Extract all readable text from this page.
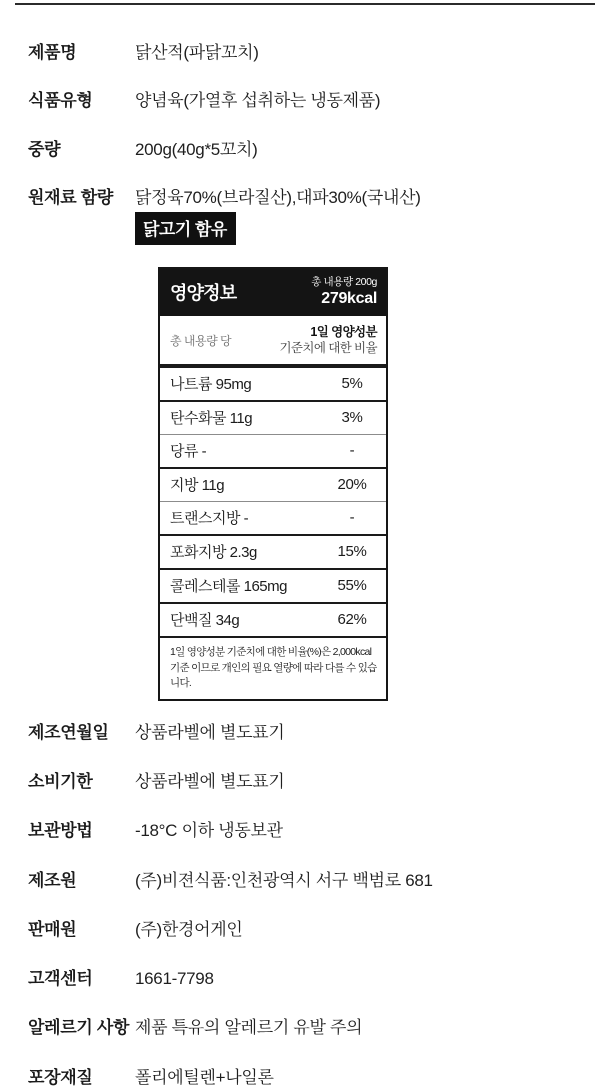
제품명	닭산적(파닭꼬치)
식품유형	양념육(가열후 섭취하는 냉동제품)
중량	200g(40g*5꼬치)
원재료 함량	닭정육70%(브라질산),대파30%(국내산)
닭고기 함유
영양정보
총 내용량 200g
279kcal
총 내용량 당
1일 영양성분
기준치에 대한 비율
나트륨 95mg	5%
탄수화물 11g	3%
당류 -	-
지방 11g	20%
트랜스지방 -	-
포화지방 2.3g	15%
콜레스테롤 165mg	55%
단백질 34g	62%
1일 영양성분 기준치에 대한 비율(%)은 2,000kcal
기준 이므로 개인의 필요 열량에 따라 다를 수 있습니다.
제조연월일	상품라벨에 별도표기
소비기한	상품라벨에 별도표기
보관방법	-18°C 이하 냉동보관
제조원	(주)비젼식품:인천광역시 서구 백범로 681
판매원	(주)한경어게인
고객센터	1661-7798
알레르기 사항 제품 특유의 알레르기 유발 주의
포장재질	폴리에틸렌+나일론
